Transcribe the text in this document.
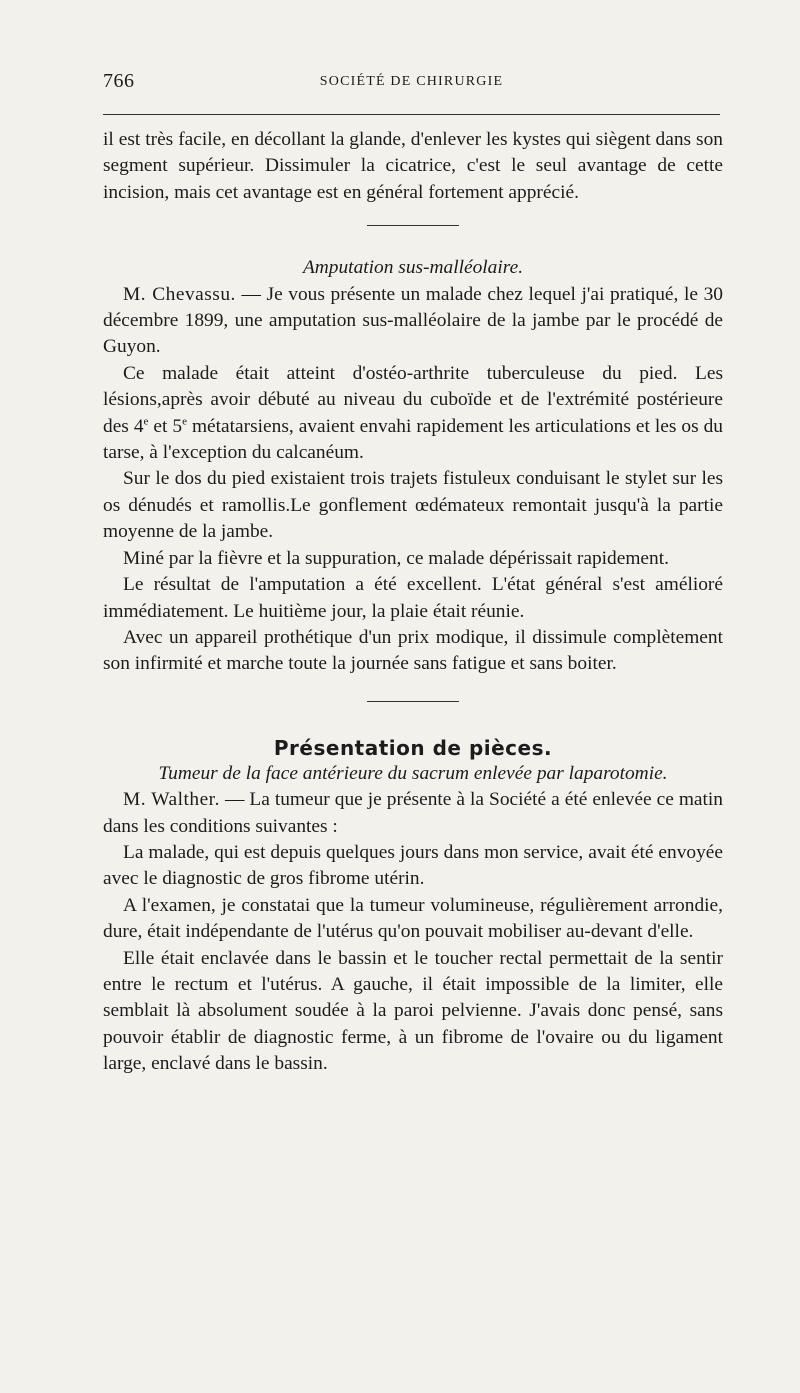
766	SOCIÉTÉ DE CHIRURGIE

il est très facile, en décollant la glande, d'enlever les kystes qui siègent dans son segment supérieur. Dissimuler la cicatrice, c'est le seul avantage de cette incision, mais cet avantage est en général fortement apprécié.

Amputation sus-malléolaire.

M. Chevassu. — Je vous présente un malade chez lequel j'ai pratiqué, le 30 décembre 1899, une amputation sus-malléolaire de la jambe par le procédé de Guyon.

Ce malade était atteint d'ostéo-arthrite tuberculeuse du pied. Les lésions,après avoir débuté au niveau du cuboïde et de l'extrémité postérieure des 4e et 5e métatarsiens, avaient envahi rapidement les articulations et les os du tarse, à l'exception du calcanéum.

Sur le dos du pied existaient trois trajets fistuleux conduisant le stylet sur les os dénudés et ramollis.Le gonflement œdémateux remontait jusqu'à la partie moyenne de la jambe.

Miné par la fièvre et la suppuration, ce malade dépérissait rapidement.

Le résultat de l'amputation a été excellent. L'état général s'est amélioré immédiatement. Le huitième jour, la plaie était réunie.

Avec un appareil prothétique d'un prix modique, il dissimule complètement son infirmité et marche toute la journée sans fatigue et sans boiter.

Présentation de pièces.

Tumeur de la face antérieure du sacrum enlevée par laparotomie.

M. Walther. — La tumeur que je présente à la Société a été enlevée ce matin dans les conditions suivantes :

La malade, qui est depuis quelques jours dans mon service, avait été envoyée avec le diagnostic de gros fibrome utérin.

A l'examen, je constatai que la tumeur volumineuse, régulièrement arrondie, dure, était indépendante de l'utérus qu'on pouvait mobiliser au-devant d'elle.

Elle était enclavée dans le bassin et le toucher rectal permettait de la sentir entre le rectum et l'utérus. A gauche, il était impossible de la limiter, elle semblait là absolument soudée à la paroi pelvienne. J'avais donc pensé, sans pouvoir établir de diagnostic ferme, à un fibrome de l'ovaire ou du ligament large, enclavé dans le bassin.
